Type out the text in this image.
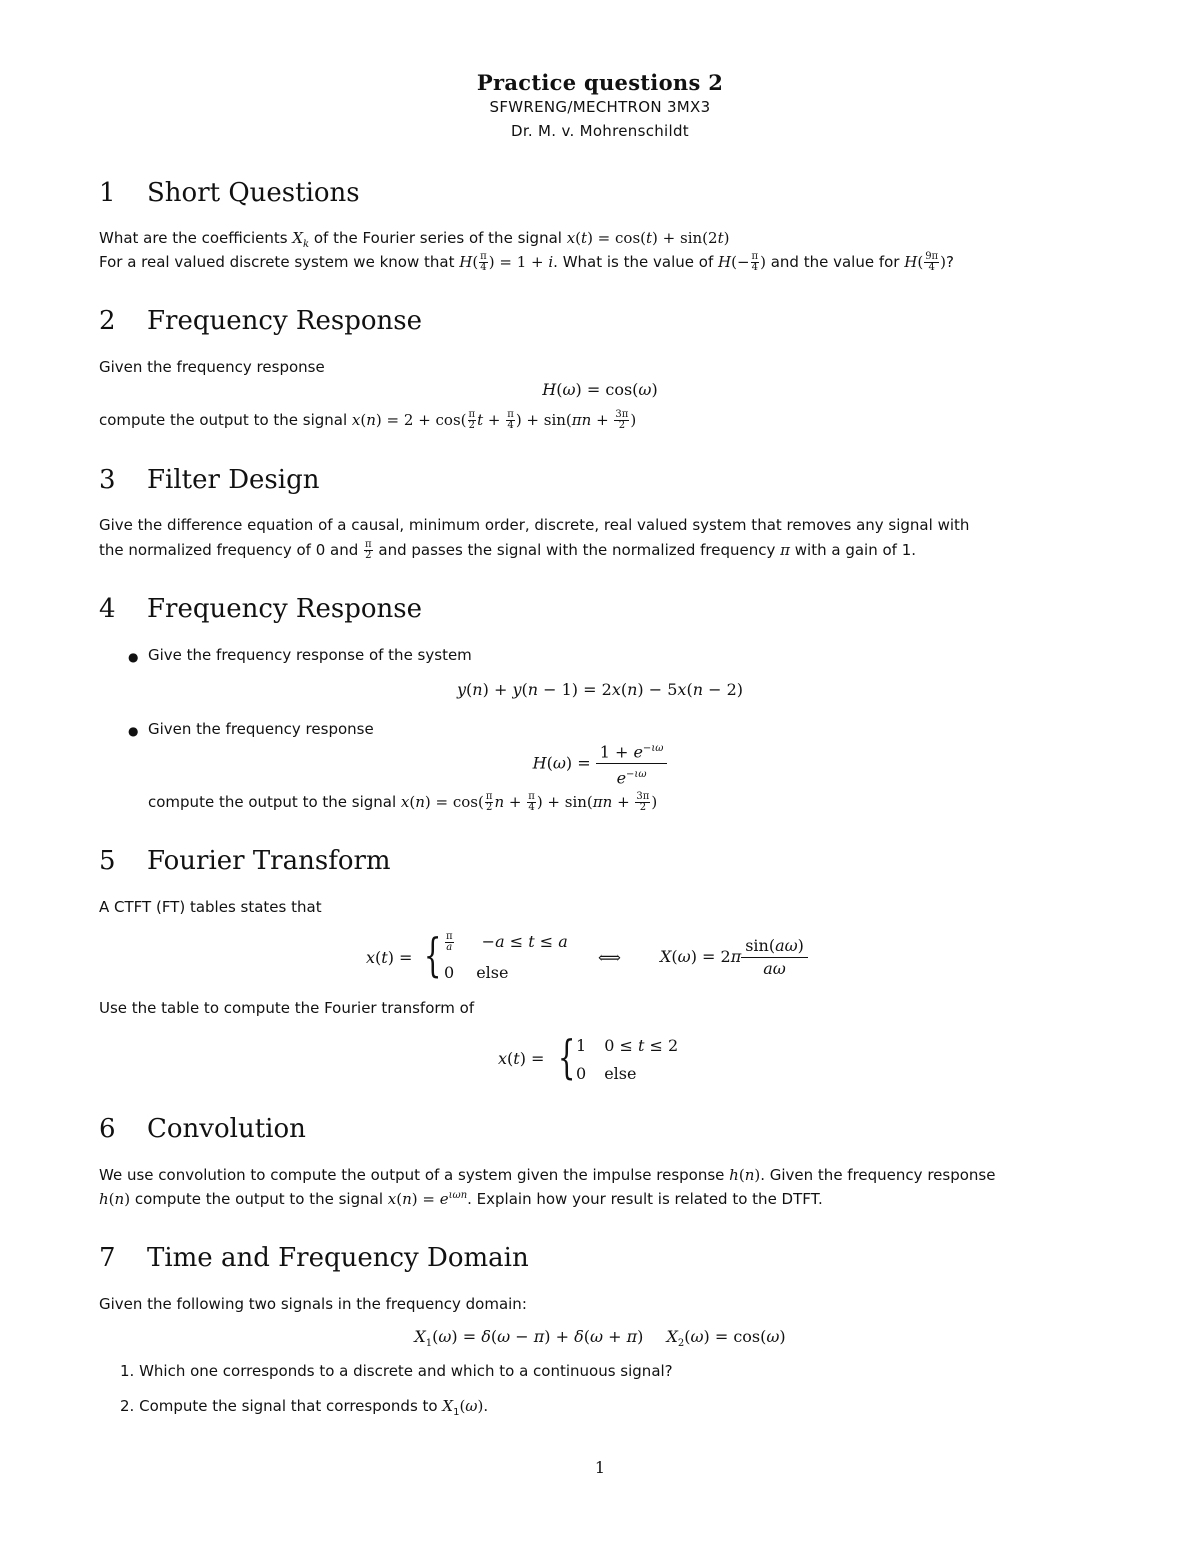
Practice questions 2
SFWRENG/MECHTRON 3MX3
Dr. M. v. Mohrenschildt
1 Short Questions
What are the coefficients $X_k$ of the Fourier series of the signal x(t) = cos(t) + sin(2t)
For a real valued discrete system we know that $H( \frac{\pi}{4}$ ) = 1 + i. What is the value of $H(- \frac{\pi}{4}$ ) and the value for $H( \frac{9\pi}{4}$ )?
2 Frequency Response
Given the frequency response
H(ω) = cos(ω)
compute the output to the signal $x(n) = 2 + \cos( \frac{\pi}{2}$ $t + \frac{\pi}{4}$ ) + $\sin(\pi n + \frac{3\pi}{2}$ )
3 Filter Design
Give the difference equation of a causal, minimum order, discrete, real valued system that removes any signal with
the normalized frequency of 0 and $\frac{\pi}{2}$ and passes the signal with the normalized frequency π with a gain of 1.
4 Frequency Response
● Give the frequency response of the system
y(n) + y(n − 1) = 2x(n) − 5x(n − 2)
● Given the frequency response
$H(\omega) = \frac{1 + e^{-\iota\omega}}{e^{-\iota\omega}}$
compute the output to the signal $x(n) = \cos( \frac{\pi}{2}$ $n + \frac{\pi}{4}$ ) + $\sin(\pi n + \frac{3\pi}{2}$ )
5 Fourier Transform
A CTFT (FT) tables states that
x(t) = { $\frac{\pi}{a} -a \le t \le a$
0 else
⟺ $X(\omega) = 2\pi \frac{\sin(a\omega)}{a\omega}$
Use the table to compute the Fourier transform of
x(t) = { 1 0 ≤ t ≤ 2
0 else
6 Convolution
We use convolution to compute the output of a system given the impulse response h(n). Given the frequency response
h(n) compute the output to the signal $x(n) = e^{\iota\omega n}$. Explain how your result is related to the DTFT.
7 Time and Frequency Domain
Given the following two signals in the frequency domain:
$X_1(\omega) = \delta(\omega - \pi) + \delta(\omega + \pi) X_2(\omega) = \cos(\omega)$
1. Which one corresponds to a discrete and which to a continuous signal?
2. Compute the signal that corresponds to $X_1(\omega)$.
1
